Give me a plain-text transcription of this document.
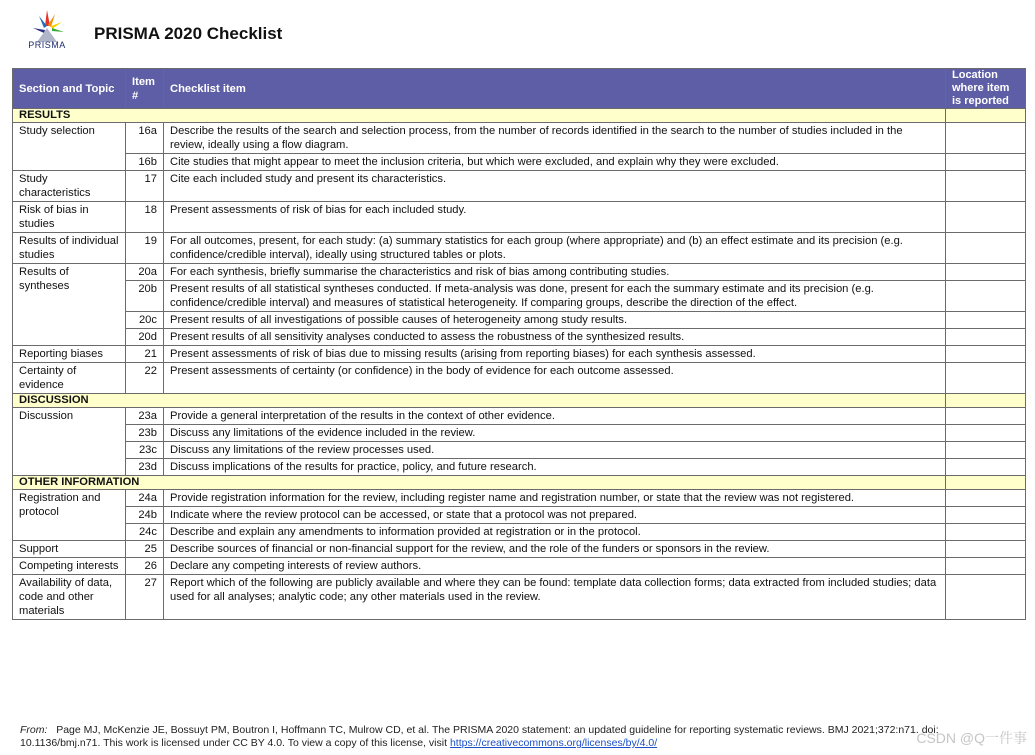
PRISMA
PRISMA 2020 Checklist
Section and Topic	Item #	Checklist item	Location where item is reported
RESULTS			
Study selection	16a	Describe the results of the search and selection process, from the number of records identified in the search to the number of studies included in the review, ideally using a flow diagram.	
	16b	Cite studies that might appear to meet the inclusion criteria, but which were excluded, and explain why they were excluded.	
Study characteristics	17	Cite each included study and present its characteristics.	
Risk of bias in studies	18	Present assessments of risk of bias for each included study.	
Results of individual studies	19	For all outcomes, present, for each study: (a) summary statistics for each group (where appropriate) and (b) an effect estimate and its precision (e.g. confidence/credible interval), ideally using structured tables or plots.	
Results of syntheses	20a	For each synthesis, briefly summarise the characteristics and risk of bias among contributing studies.	
	20b	Present results of all statistical syntheses conducted. If meta-analysis was done, present for each the summary estimate and its precision (e.g. confidence/credible interval) and measures of statistical heterogeneity. If comparing groups, describe the direction of the effect.	
	20c	Present results of all investigations of possible causes of heterogeneity among study results.	
	20d	Present results of all sensitivity analyses conducted to assess the robustness of the synthesized results.	
Reporting biases	21	Present assessments of risk of bias due to missing results (arising from reporting biases) for each synthesis assessed.	
Certainty of evidence	22	Present assessments of certainty (or confidence) in the body of evidence for each outcome assessed.	
DISCUSSION			
Discussion	23a	Provide a general interpretation of the results in the context of other evidence.	
	23b	Discuss any limitations of the evidence included in the review.	
	23c	Discuss any limitations of the review processes used.	
	23d	Discuss implications of the results for practice, policy, and future research.	
OTHER INFORMATION			
Registration and protocol	24a	Provide registration information for the review, including register name and registration number, or state that the review was not registered.	
	24b	Indicate where the review protocol can be accessed, or state that a protocol was not prepared.	
	24c	Describe and explain any amendments to information provided at registration or in the protocol.	
Support	25	Describe sources of financial or non-financial support for the review, and the role of the funders or sponsors in the review.	
Competing interests	26	Declare any competing interests of review authors.	
Availability of data, code and other materials	27	Report which of the following are publicly available and where they can be found: template data collection forms; data extracted from included studies; data used for all analyses; analytic code; any other materials used in the review.	
From: Page MJ, McKenzie JE, Bossuyt PM, Boutron I, Hoffmann TC, Mulrow CD, et al. The PRISMA 2020 statement: an updated guideline for reporting systematic reviews. BMJ 2021;372:n71. doi: 10.1136/bmj.n71. This work is licensed under CC BY 4.0. To view a copy of this license, visit https://creativecommons.org/licenses/by/4.0/	CSDN @Q一件事
